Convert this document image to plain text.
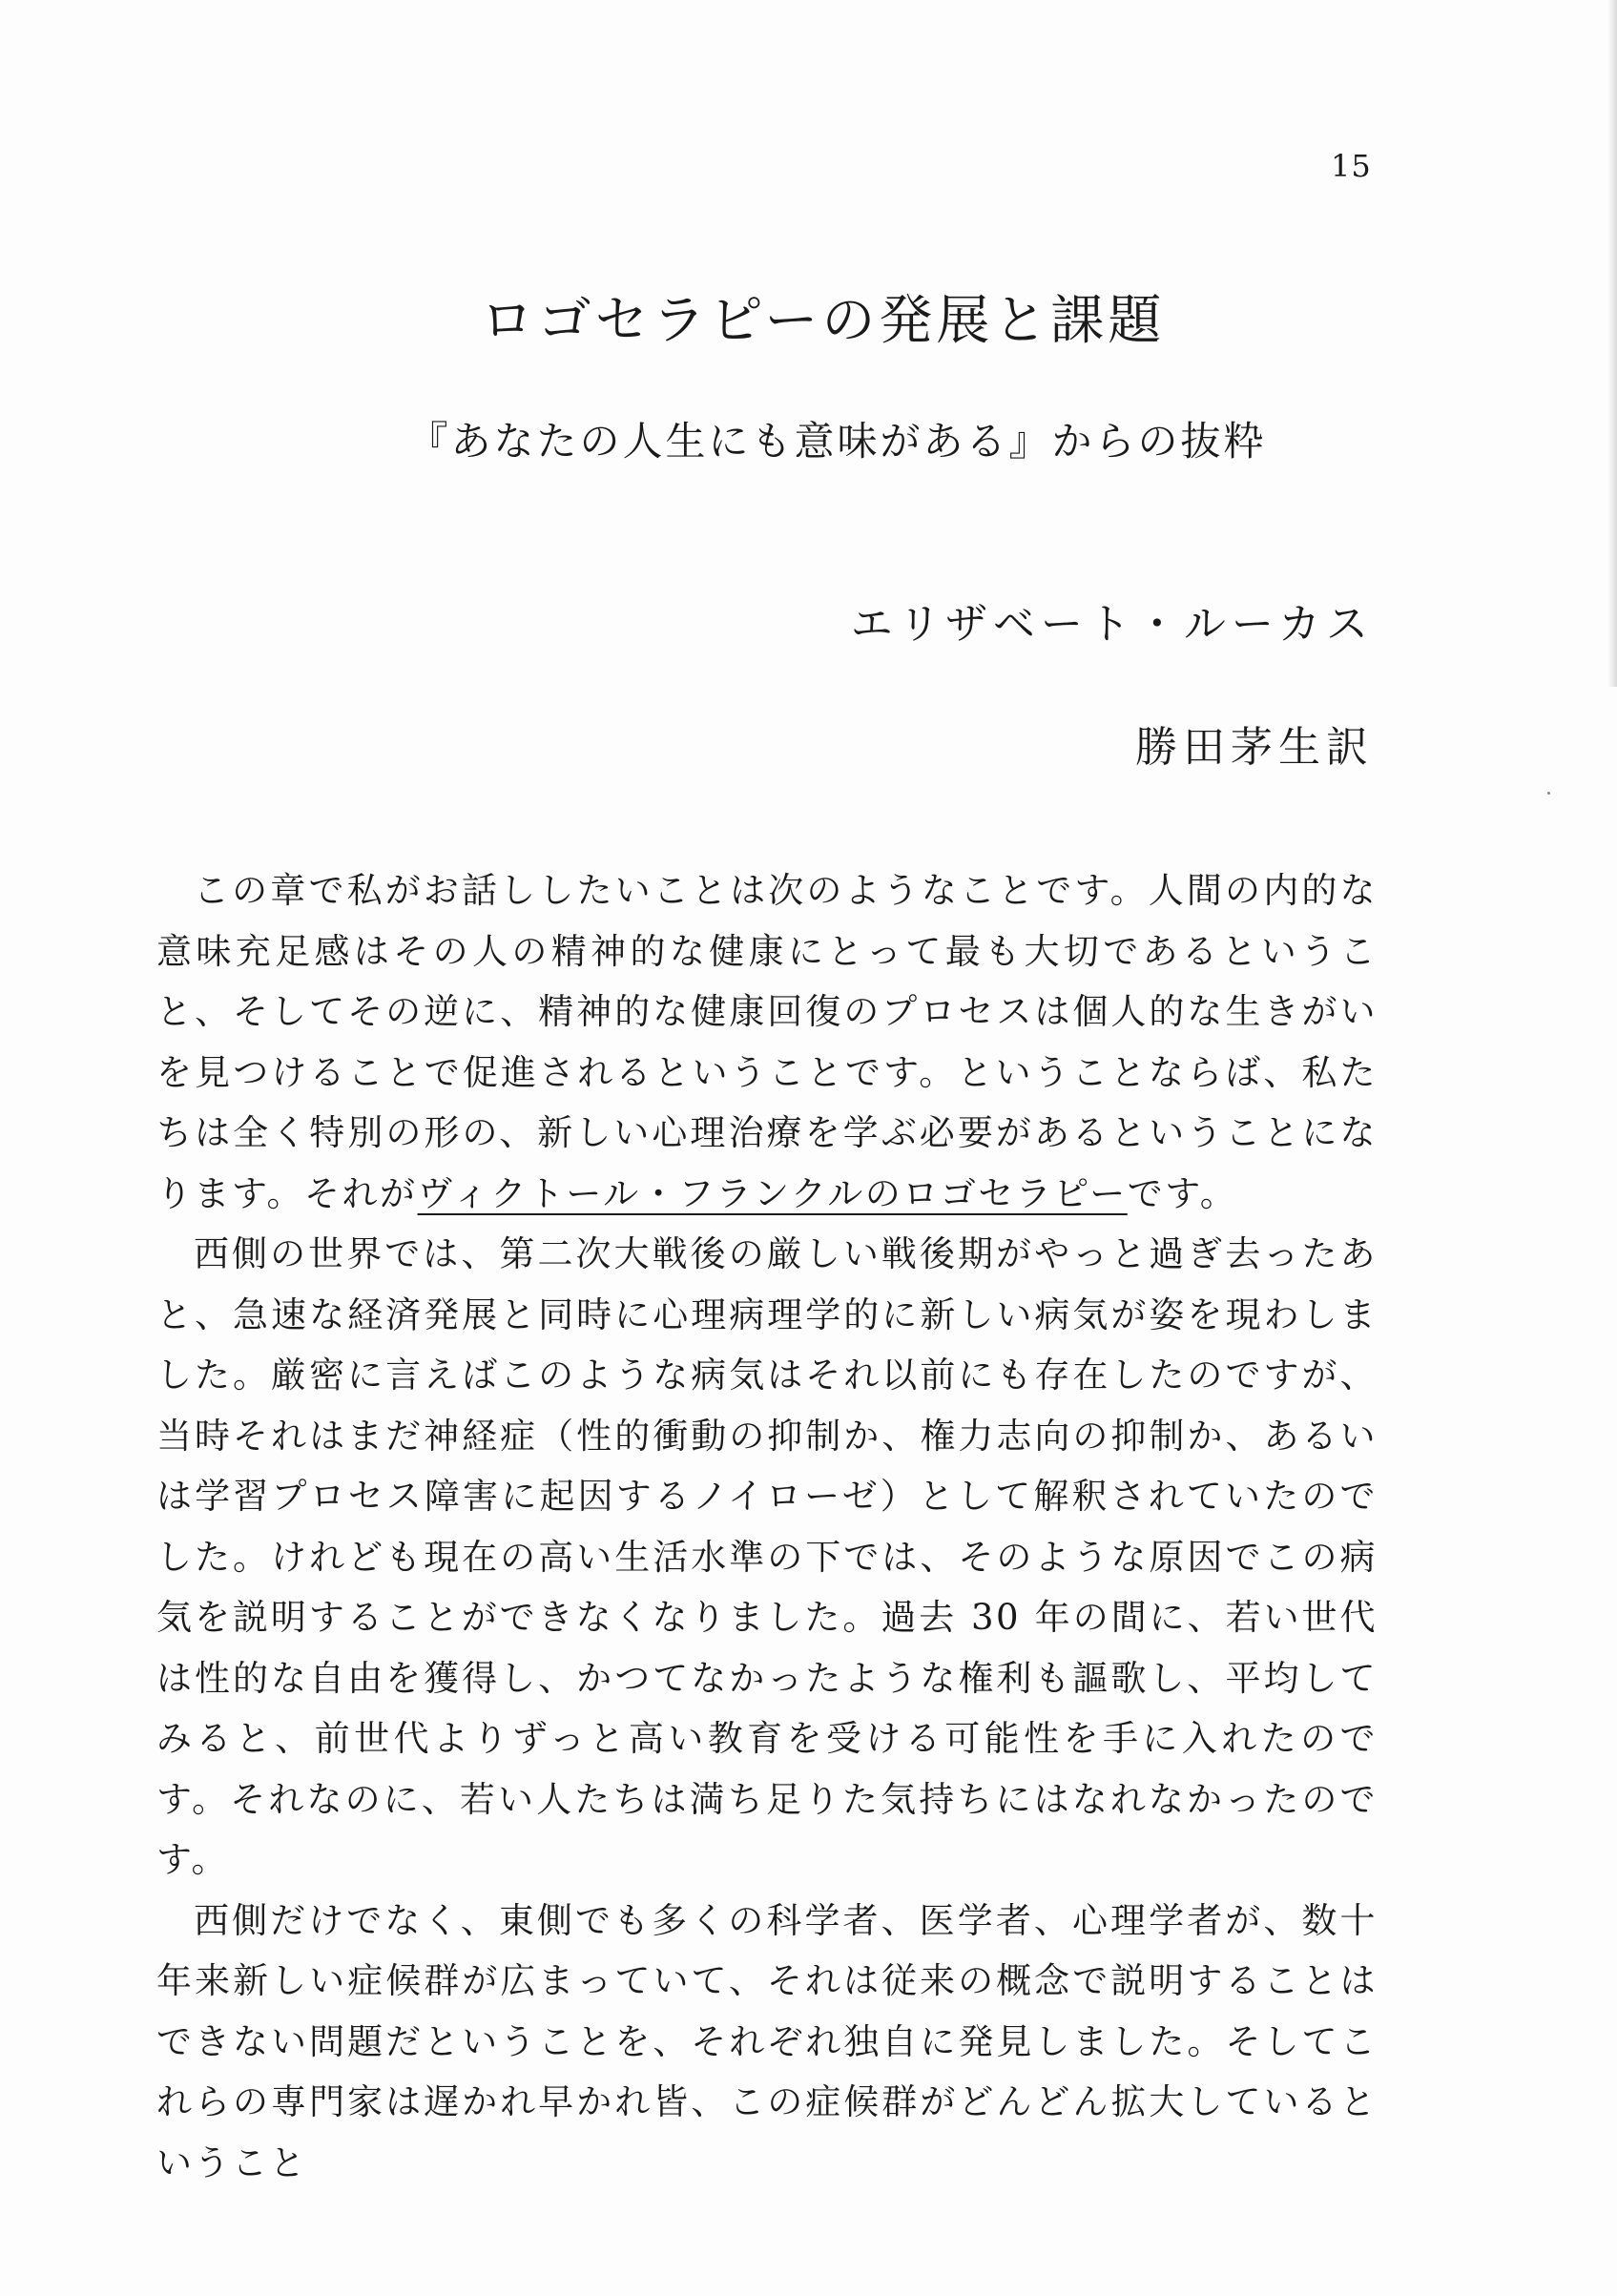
15
ロゴセラピーの発展と課題
『あなたの人生にも意味がある』からの抜粋
エリザベート・ルーカス
勝田茅生訳

この章で私がお話ししたいことは次のようなことです。人間の内的な意味充足感はその人の精神的な健康にとって最も大切であるということ、そしてその逆に、精神的な健康回復のプロセスは個人的な生きがいを見つけることで促進されるということです。ということならば、私たちは全く特別の形の、新しい心理治療を学ぶ必要があるということになります。それがヴィクトール・フランクルのロゴセラピーです。

西側の世界では、第二次大戦後の厳しい戦後期がやっと過ぎ去ったあと、急速な経済発展と同時に心理病理学的に新しい病気が姿を現わしました。厳密に言えばこのような病気はそれ以前にも存在したのですが、当時それはまだ神経症（性的衝動の抑制か、権力志向の抑制か、あるいは学習プロセス障害に起因するノイローゼ）として解釈されていたのでした。けれども現在の高い生活水準の下では、そのような原因でこの病気を説明することができなくなりました。過去 30 年の間に、若い世代は性的な自由を獲得し、かつてなかったような権利も謳歌し、平均してみると、前世代よりずっと高い教育を受ける可能性を手に入れたのです。それなのに、若い人たちは満ち足りた気持ちにはなれなかったのです。

西側だけでなく、東側でも多くの科学者、医学者、心理学者が、数十年来新しい症候群が広まっていて、それは従来の概念で説明することはできない問題だということを、それぞれ独自に発見しました。そしてこれらの専門家は遅かれ早かれ皆、この症候群がどんどん拡大しているということ
